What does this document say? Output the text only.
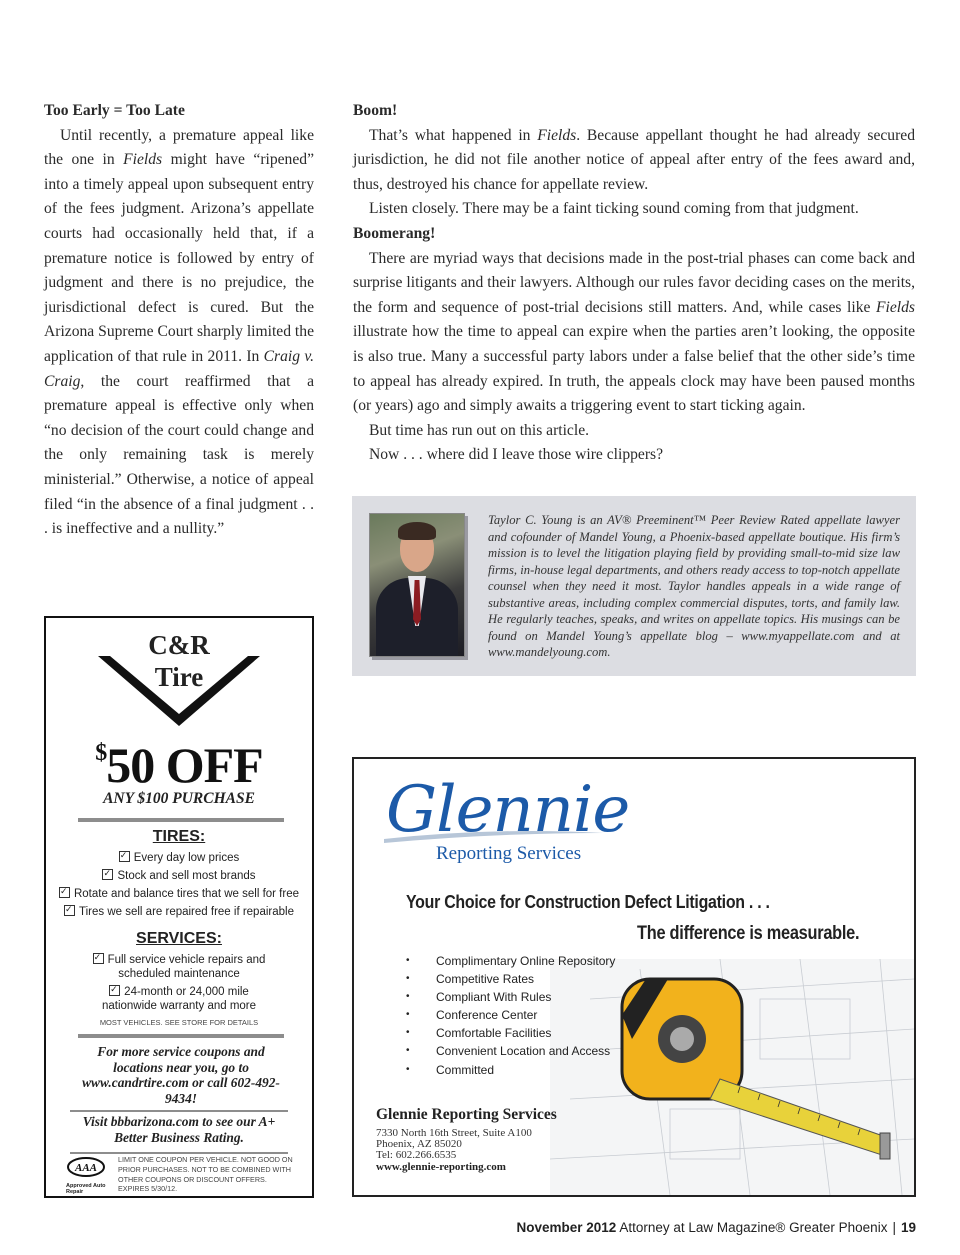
Too Early = Too Late

Until recently, a premature appeal like the one in Fields might have “ripened” into a timely appeal upon subsequent entry of the fees judgment. Arizona’s appellate courts had occasionally held that, if a premature notice is followed by entry of judgment and there is no prejudice, the jurisdictional defect is cured. But the Arizona Supreme Court sharply limited the application of that rule in 2011. In Craig v. Craig, the court reaffirmed that a premature appeal is effective only when “no decision of the court could change and the only remaining task is merely ministerial.” Otherwise, a notice of appeal filed “in the absence of a final judgment . . . is ineffective and a nullity.”

Boom!

That’s what happened in Fields. Because appellant thought he had already secured jurisdiction, he did not file another notice of appeal after entry of the fees award and, thus, destroyed his chance for appellate review.

Listen closely. There may be a faint ticking sound coming from that judgment.

Boomerang!

There are myriad ways that decisions made in the post-trial phases can come back and surprise litigants and their lawyers. Although our rules favor deciding cases on the merits, the form and sequence of post-trial decisions still matters. And, while cases like Fields illustrate how the time to appeal can expire when the parties aren’t looking, the opposite is also true. Many a successful party labors under a false belief that the other side’s time to appeal has already expired. In truth, the appeals clock may have been paused months (or years) ago and simply awaits a triggering event to start ticking again.

But time has run out on this article.

Now . . . where did I leave those wire clippers?

Taylor C. Young is an AV® Preeminent™ Peer Review Rated appellate lawyer and cofounder of Mandel Young, a Phoenix-based appellate boutique. His firm’s mission is to level the litigation playing field by providing small-to-mid size law firms, in-house legal departments, and others ready access to top-notch appellate counsel when they need it most. Taylor handles appeals in a wide range of substantive areas, including complex commercial disputes, torts, and family law. He regularly teaches, speaks, and writes on appellate topics. His musings can be found on Mandel Young’s appellate blog – www.myappellate.com and at www.mandelyoung.com.
C&R
Tire
$50 OFF
ANY $100 PURCHASE
TIRES:
✓Every day low prices
✓Stock and sell most brands
✓Rotate and balance tires that we sell for free
✓Tires we sell are repaired free if repairable
SERVICES:
✓Full service vehicle repairs and
scheduled maintenance
✓24-month or 24,000 mile
nationwide warranty and more
MOST VEHICLES. SEE STORE FOR DETAILS
For more service coupons and locations near you, go to www.candrtire.com or call 602-492-9434!
Visit bbbarizona.com to see our A+ Better Business Rating.
AAA
Approved Auto Repair
LIMIT ONE COUPON PER VEHICLE. NOT GOOD ON PRIOR PURCHASES. NOT TO BE COMBINED WITH OTHER COUPONS OR DISCOUNT OFFERS. EXPIRES 5/30/12.
Glennie
Reporting Services
Your Choice for Construction Defect Litigation . . .
The difference is measurable.
• Complimentary Online Repository
• Competitive Rates
• Compliant With Rules
• Conference Center
• Comfortable Facilities
• Convenient Location and Access
• Committed
Glennie Reporting Services
7330 North 16th Street, Suite A100
Phoenix, AZ 85020
Tel: 602.266.6535
www.glennie-reporting.com
November 2012 Attorney at Law Magazine® Greater Phoenix | 19
